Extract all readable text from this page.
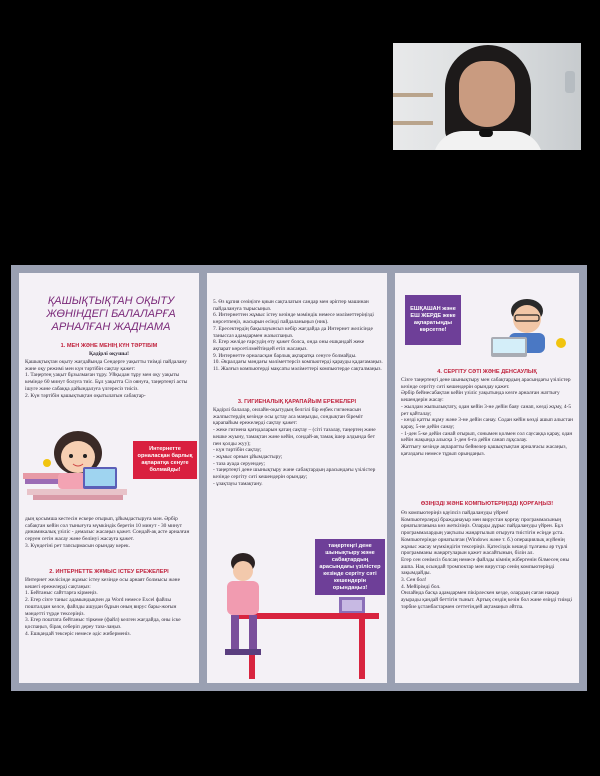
ҚАШЫҚТЫҚТАН ОҚЫТУ ЖӨНІНДЕГІ БАЛАЛАРҒА АРНАЛҒАН ЖАДНАМА
1. МЕН ЖӘНЕ МЕНІҢ КҮН ТӘРТІБІМ
Қадірлі оқушы!

Қашықтықтан оқыту жағдайында Сендерге уақытты тиімді пайдалану және оқу режимі мен күн тәртібін сақтау қажет:
1. Таңертең уақыт бұзылмаған тұру. Уйқыдан тұру мен оқу уақыты кемінде 60 минут болуға тиіс. Бұл уақытта Сіз оянуға, таңертеңгі асты ішуге және сабаққа дайындалуға үлгересіз тиісіз.
2. Күн тәртібін қашықтықтан оқытылатын сабақтар-

Интернетте орналасқан барлық ақпаратқа сенуге болмайды!

дың қосымша кестесін ескере отырып, ұйымдастыруға мән. Әрбір сабақтан кейін сол тынығуға мүмкіндік беретін 10 минут - 30 минут динамикалық үзіліс - демалыс жасаңыз қажет. Сондай-ақ асте арналған серуен сетін жасау және бөлінуі жасауға қажет.
3. Күндегіні рет тапсырмасын орындау керек.

2. ИНТЕРНЕТТЕ ЖҰМЫС ІСТЕУ ЕРЕЖЕЛЕРІ

Интернет желісінде жұмыс істеу кезінде осы арнаят болмысы және кешегі ережелерді сақтаңыз:
1. Бейтаныс сайттарға кірмеңіз.
2. Егер сізге таныс адамындықпен да Word немесе Excel файлы пошталдан келсе, файлды ашудан бұрын оның вирус бары-жоғын мәндетті түрде тексеріңіз.
3. Егер поштата бейтаныс тіркеме (файл) келген жағдайда, оны іске қоспаңыз, бірақ себеріп дереу таза-лаңыз.
4. Ешқандай тексеріс немесе әдіс жиберменіз.

5. Өз құпия сөзіңізге қиын сақталатын сандар мен әріптер машинан пайдалануға тырысыңыз.
6. Интернеттен жұмыс істеу кезінде мәміндік немесе мәліметтеріңізді көрсетпеңіз, жасырын есінді пайдаланыңыз (ник).
7. Ересектердің бақылауынсыз кебір жағдайда да Интернет желісінде таныссаз адамдармен жазыспаңыз.
8. Егер желіде ғарсудің өту қажет болса, онда оны ешқандай жеке ақпарат көрсетілмейтіндей етіп жасаңыз.
9. Интернетте орналасқан барлық ақпаратқа сенуге болмайды.
10. Әкралдағы мәндағы мәліметтерсіз компьютерді қарауды қадағамаңыз.
11. Жалғыз компьютерді мақсаты мәліметтері компьютерде сақталмаңыз.

3. ГИГИЕНАЛЫҚ ҚАРАПАЙЫМ ЕРЕЖЕЛЕРІ

Қадірлі балалар, онлайн-оқытудың белгілі бір еңбек гигиенасын жалпыстердің кезінде осы ұстау аса маңызды, сондықтан біреміт қарапайым ережелерді сақтау қажет:
- жеке гигиена қағидаларын қатаң сақтау – (сіті тазалау, таңертең және кешке жуыну, тамақтан және кейін, сондай-ақ тамақ ішер алдында бет пен қолды жуу);
- күн тәртібін сақтау;
- жұмыс орнын ұйымдастыру;
- таза ауада серуендеу;
- таңертеңгі дене шынықтыру және сабақтардың арасындағы үзілістер кезінде сергіту сәті кешендерін орындау;
- ұзақтауы тамақтану.

таңертеңгі дене шынықтыру және сабақтардың арасындағы үзілістер кезінде сергіту сәті кешендерін орындаңыз!
ЕШҚАШАН және ЕШ ЖЕРДЕ жеке ақпаратыңды көрсетпе!
4. СЕРГІТУ СӘТІ ЖӘНЕ ДЕНСАУЛЫҚ

Сізге таңертеңгі дене шынықтыру мен сабақтардың арасындағы үзілістер кезінде сергіту сәті кешендерін орындау қажет.
Әрбір бейнесабақтан кейін үзіліс уақытында көзге арналған жаттығу кешендерін жасау:
- жылдам жыпылықтату, одан кейін 3-не дейін баяу санап, көзді жұму, 4-5 рет қайталау;
- көзді қатты жұму және 3-не дейін санау. Содан кейін көзді ашып алыстан қарау, 5-не дейін санау;
- 1-ден 5-ке дейін санай отырып, сонымен қолмен сол саусаққа қарау, одан кейін жақында алысқа 1-ден 6-ға дейін санап лұқсалау.
Жаттығу кезінде ақпаратты бейнелер қашықтықтан арналғасы жасаңыз, қағаздағы немесе тұрып орындаңыз.

ӨЗІҢІЗДІ ЖӘНЕ КОМПЬЮТЕРІҢІЗДІ ҚОРҒАҢЫЗ!

Өз компьютеріңіз қауіпсіз пайдалануды үйрен!
Компьютерлерді бражданауыр мен вирустан қорғау программасының орнатылғанына көз жеткізіңіз. Оларды дұрыс пайдалануды үйрен. Бұл программалардың уақтылы жаңартылып отыруға тиістігін есіңде ұста.
Компьютерінде орнатылған (Windows және т. б.) операциялық жүйенің жұмыс жасау мүмкіндігін тексеріңіз. Қатесіздік кешеді тұлғаны әр түрлі программаны жаңартуларын қажет жасайтынын, білін ал.
Егер сен сенімсіз болсаң немесе файлды кімнің жібергенін білмесең оны ашпа. Нақ осындай тромпоктар мен вирустар сенің компьютеріңді зақымдайды.
3. Сен бол!
4. Мейірімді бол.
Онлайнда басқа адамдармен пікірлескен кезде, олардың саған нақыр ауырады қандай беттігін тыныт. Артық сөздің кезін бол және өзіңді тиімді тәрбие ұстанбастармен сеттетіндей ақтамаңыз әйтпа.
